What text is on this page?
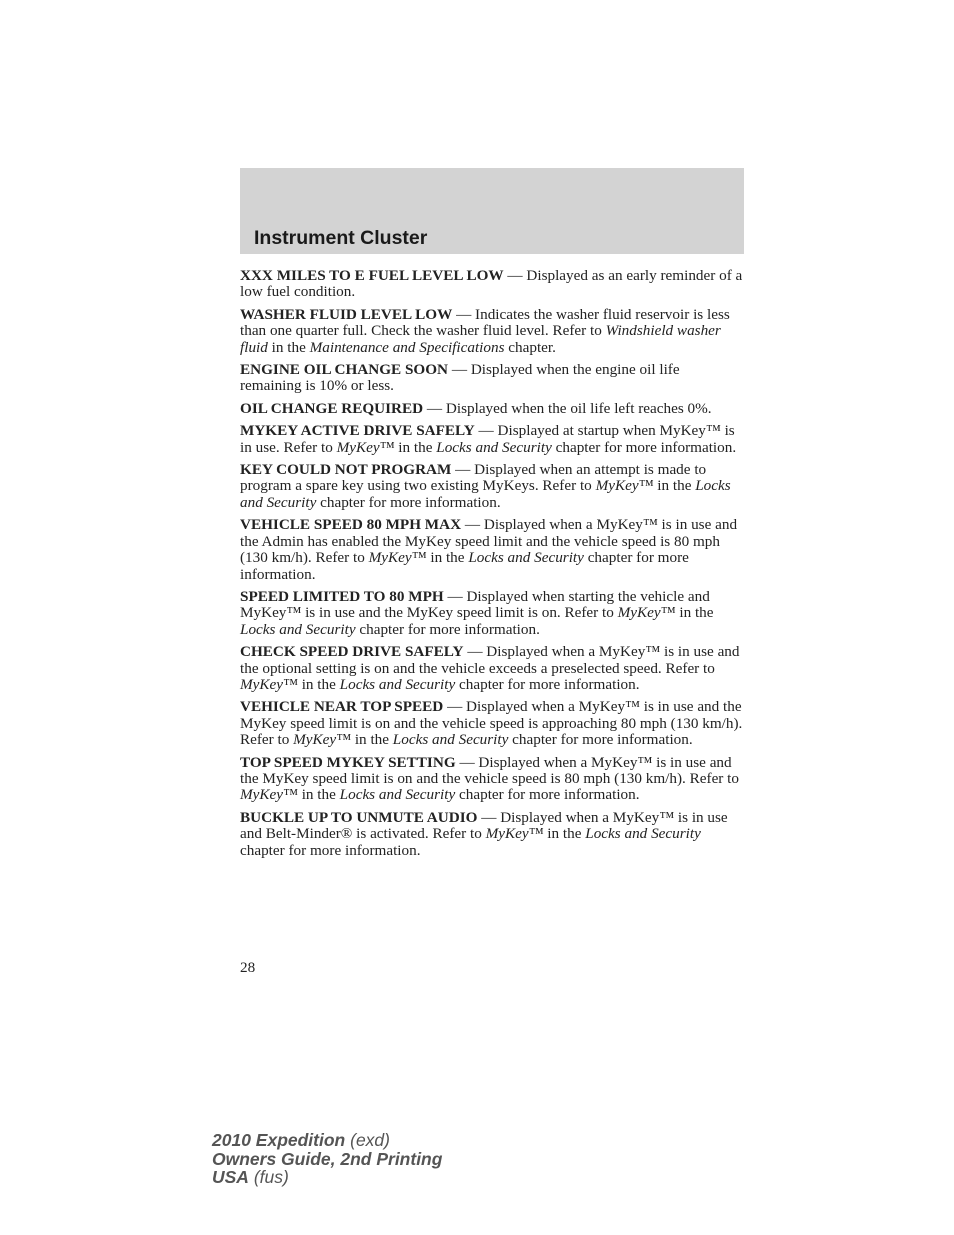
Instrument Cluster

XXX MILES TO E FUEL LEVEL LOW — Displayed as an early reminder of a low fuel condition.

WASHER FLUID LEVEL LOW — Indicates the washer fluid reservoir is less than one quarter full. Check the washer fluid level. Refer to Windshield washer fluid in the Maintenance and Specifications chapter.

ENGINE OIL CHANGE SOON — Displayed when the engine oil life remaining is 10% or less.

OIL CHANGE REQUIRED — Displayed when the oil life left reaches 0%.

MYKEY ACTIVE DRIVE SAFELY — Displayed at startup when MyKey™ is in use. Refer to MyKey™ in the Locks and Security chapter for more information.

KEY COULD NOT PROGRAM — Displayed when an attempt is made to program a spare key using two existing MyKeys. Refer to MyKey™ in the Locks and Security chapter for more information.

VEHICLE SPEED 80 MPH MAX — Displayed when a MyKey™ is in use and the Admin has enabled the MyKey speed limit and the vehicle speed is 80 mph (130 km/h). Refer to MyKey™ in the Locks and Security chapter for more information.

SPEED LIMITED TO 80 MPH — Displayed when starting the vehicle and MyKey™ is in use and the MyKey speed limit is on. Refer to MyKey™ in the Locks and Security chapter for more information.

CHECK SPEED DRIVE SAFELY — Displayed when a MyKey™ is in use and the optional setting is on and the vehicle exceeds a preselected speed. Refer to MyKey™ in the Locks and Security chapter for more information.

VEHICLE NEAR TOP SPEED — Displayed when a MyKey™ is in use and the MyKey speed limit is on and the vehicle speed is approaching 80 mph (130 km/h). Refer to MyKey™ in the Locks and Security chapter for more information.

TOP SPEED MYKEY SETTING — Displayed when a MyKey™ is in use and the MyKey speed limit is on and the vehicle speed is 80 mph (130 km/h). Refer to MyKey™ in the Locks and Security chapter for more information.

BUCKLE UP TO UNMUTE AUDIO — Displayed when a MyKey™ is in use and Belt-Minder® is activated. Refer to MyKey™ in the Locks and Security chapter for more information.

28
2010 Expedition (exd)
Owners Guide, 2nd Printing
USA (fus)
